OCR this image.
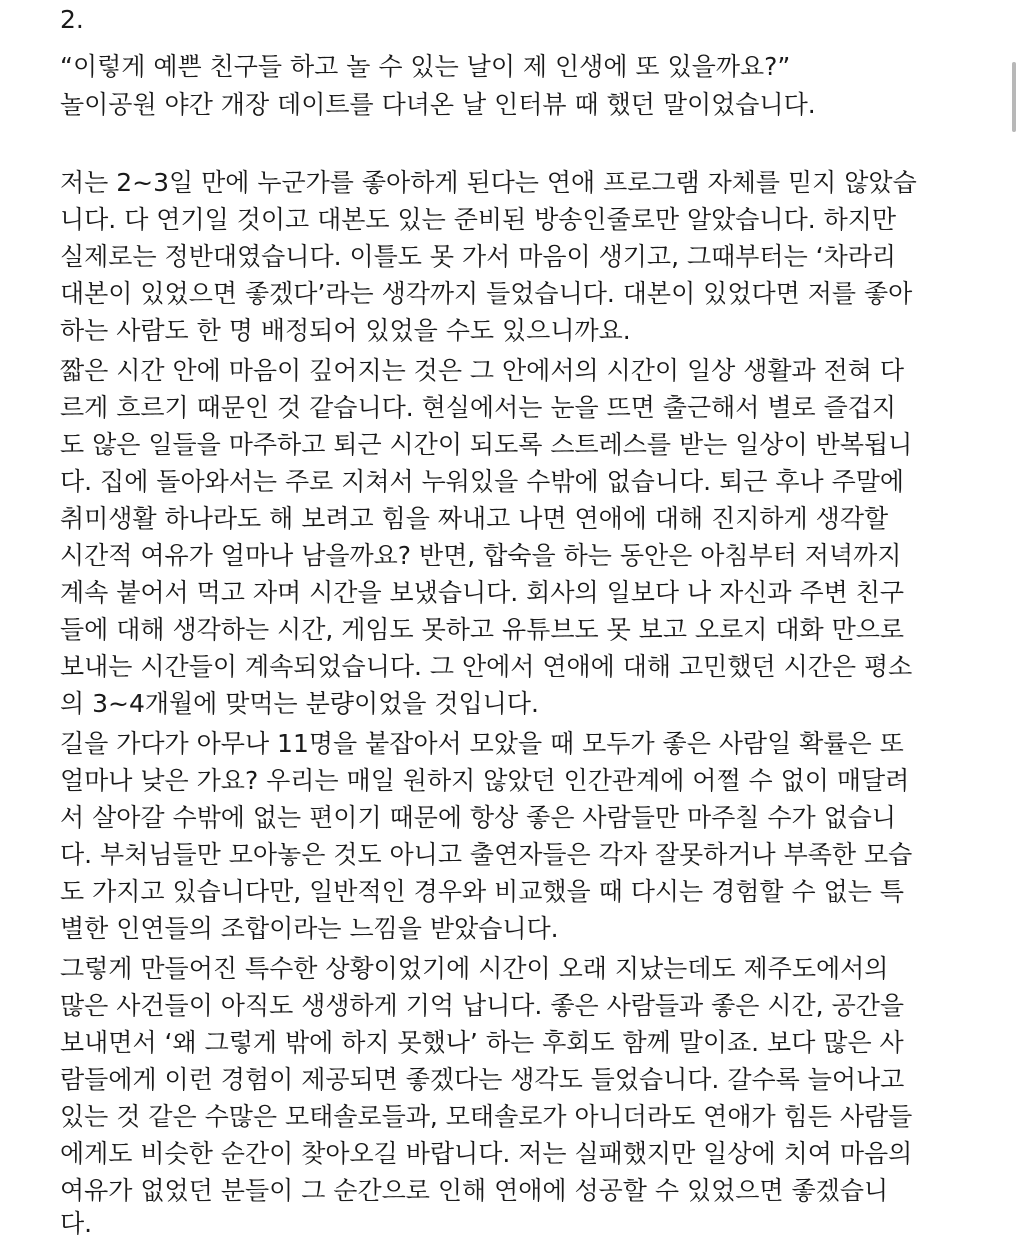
2.
“이렇게 예쁜 친구들 하고 놀 수 있는 날이 제 인생에 또 있을까요?”
놀이공원 야간 개장 데이트를 다녀온 날 인터뷰 때 했던 말이었습니다.
저는 2~3일 만에 누군가를 좋아하게 된다는 연애 프로그램 자체를 믿지 않았습
니다. 다 연기일 것이고 대본도 있는 준비된 방송인줄로만 알았습니다. 하지만
실제로는 정반대였습니다. 이틀도 못 가서 마음이 생기고, 그때부터는 ‘차라리
대본이 있었으면 좋겠다’라는 생각까지 들었습니다. 대본이 있었다면 저를 좋아
하는 사람도 한 명 배정되어 있었을 수도 있으니까요.
짧은 시간 안에 마음이 깊어지는 것은 그 안에서의 시간이 일상 생활과 전혀 다
르게 흐르기 때문인 것 같습니다. 현실에서는 눈을 뜨면 출근해서 별로 즐겁지
도 않은 일들을 마주하고 퇴근 시간이 되도록 스트레스를 받는 일상이 반복됩니
다. 집에 돌아와서는 주로 지쳐서 누워있을 수밖에 없습니다. 퇴근 후나 주말에
취미생활 하나라도 해 보려고 힘을 짜내고 나면 연애에 대해 진지하게 생각할
시간적 여유가 얼마나 남을까요? 반면, 합숙을 하는 동안은 아침부터 저녁까지
계속 붙어서 먹고 자며 시간을 보냈습니다. 회사의 일보다 나 자신과 주변 친구
들에 대해 생각하는 시간, 게임도 못하고 유튜브도 못 보고 오로지 대화 만으로
보내는 시간들이 계속되었습니다. 그 안에서 연애에 대해 고민했던 시간은 평소
의 3~4개월에 맞먹는 분량이었을 것입니다.
길을 가다가 아무나 11명을 붙잡아서 모았을 때 모두가 좋은 사람일 확률은 또
얼마나 낮은 가요? 우리는 매일 원하지 않았던 인간관계에 어쩔 수 없이 매달려
서 살아갈 수밖에 없는 편이기 때문에 항상 좋은 사람들만 마주칠 수가 없습니
다. 부처님들만 모아놓은 것도 아니고 출연자들은 각자 잘못하거나 부족한 모습
도 가지고 있습니다만, 일반적인 경우와 비교했을 때 다시는 경험할 수 없는 특
별한 인연들의 조합이라는 느낌을 받았습니다.
그렇게 만들어진 특수한 상황이었기에 시간이 오래 지났는데도 제주도에서의
많은 사건들이 아직도 생생하게 기억 납니다. 좋은 사람들과 좋은 시간, 공간을
보내면서 ‘왜 그렇게 밖에 하지 못했나’ 하는 후회도 함께 말이죠. 보다 많은 사
람들에게 이런 경험이 제공되면 좋겠다는 생각도 들었습니다. 갈수록 늘어나고
있는 것 같은 수많은 모태솔로들과, 모태솔로가 아니더라도 연애가 힘든 사람들
에게도 비슷한 순간이 찾아오길 바랍니다. 저는 실패했지만 일상에 치여 마음의
여유가 없었던 분들이 그 순간으로 인해 연애에 성공할 수 있었으면 좋겠습니
다.
